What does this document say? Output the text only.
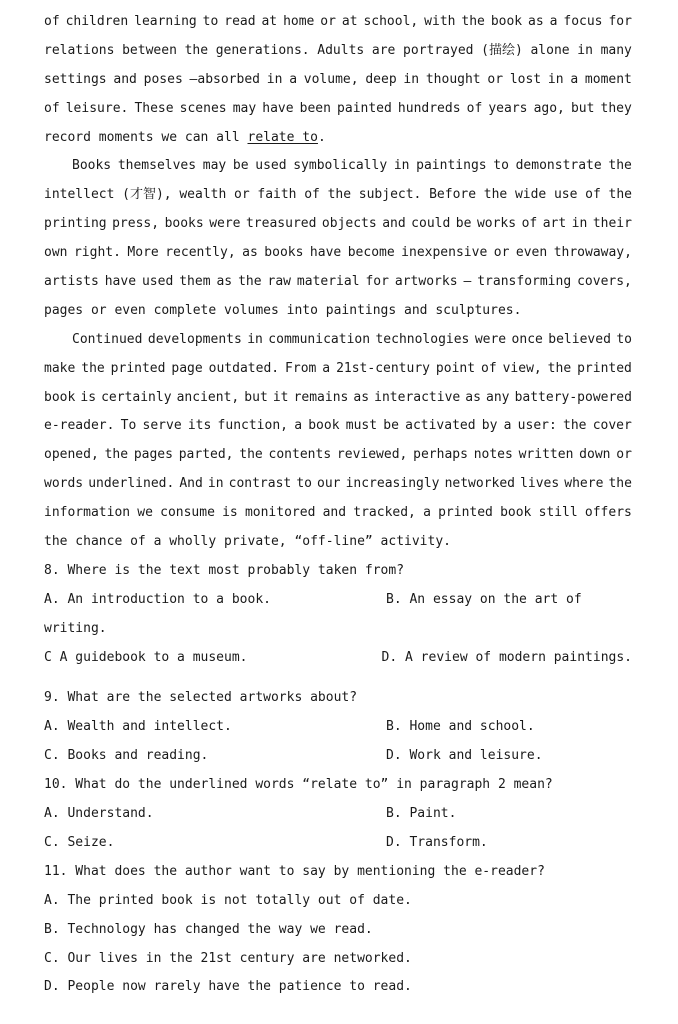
of children learning to read at home or at school, with the book as a focus for
relations between the generations. Adults are portrayed (描绘) alone in many
settings and poses —absorbed in a volume, deep in thought or lost in a moment
of leisure. These scenes may have been painted hundreds of years ago, but they
record moments we can all relate to.
Books themselves may be used symbolically in paintings to demonstrate the
intellect (才智), wealth or faith of the subject. Before the wide use of the
printing press, books were treasured objects and could be works of art in their
own right. More recently, as books have become inexpensive or even throwaway,
artists have used them as the raw material for artworks — transforming covers,
pages or even complete volumes into paintings and sculptures.
Continued developments in communication technologies were once believed to
make the printed page outdated. From a 21st-century point of view, the printed
book is certainly ancient, but it remains as interactive as any battery-powered
e-reader. To serve its function, a book must be activated by a user: the cover
opened, the pages parted, the contents reviewed, perhaps notes written down or
words underlined. And in contrast to our increasingly networked lives where the
information we consume is monitored and tracked, a printed book still offers
the chance of a wholly private, “off-line” activity.
8. Where is the text most probably taken from?
A. An introduction to a book.	B. An essay on the art of
writing.
C A guidebook to a museum.	D. A review of modern paintings.
9. What are the selected artworks about?
A. Wealth and intellect.	B. Home and school.
C. Books and reading.	D. Work and leisure.
10. What do the underlined words “relate to” in paragraph 2 mean?
A. Understand.	B. Paint.
C. Seize.	D. Transform.
11. What does the author want to say by mentioning the e-reader?
A. The printed book is not totally out of date.
B. Technology has changed the way we read.
C. Our lives in the 21st century are networked.
D. People now rarely have the patience to read.
